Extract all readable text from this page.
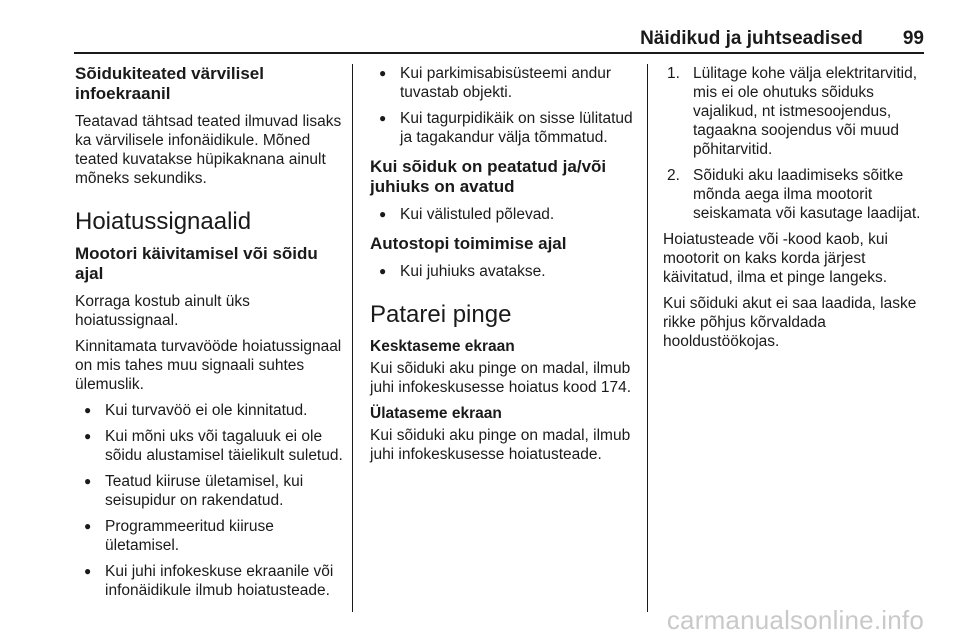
Näidikud ja juhtseadised 99
Sõidukiteated värvilisel infoekraanil

Teatavad tähtsad teated ilmuvad lisaks ka värvilisele infonäidikule. Mõned teated kuvatakse hüpikaknana ainult mõneks sekundiks.

Hoiatussignaalid
Mootori käivitamisel või sõidu ajal

Korraga kostub ainult üks hoiatussignaal.

Kinnitamata turvavööde hoiatussignaal on mis tahes muu signaali suhtes ülemuslik.

● Kui turvavöö ei ole kinnitatud.
● Kui mõni uks või tagaluuk ei ole sõidu alustamisel täielikult suletud.
● Teatud kiiruse ületamisel, kui seisupidur on rakendatud.
● Programmeeritud kiiruse ületamisel.
● Kui juhi infokeskuse ekraanile või infonäidikule ilmub hoiatusteade.
● Kui parkimisabisüsteemi andur tuvastab objekti.
● Kui tagurpidikäik on sisse lülitatud ja tagakandur välja tõmmatud.
Kui sõiduk on peatatud ja/või juhiuks on avatud
● Kui välistuled põlevad.
Autostopi toimimise ajal
● Kui juhiuks avatakse.
Patarei pinge
Kesktaseme ekraan

Kui sõiduki aku pinge on madal, ilmub juhi infokeskusesse hoiatus kood 174.

Ülataseme ekraan

Kui sõiduki aku pinge on madal, ilmub juhi infokeskusesse hoiatusteade.

1. Lülitage kohe välja elektritarvitid, mis ei ole ohutuks sõiduks vajalikud, nt istmesoojendus, tagaakna soojendus või muud põhitarvitid.
2. Sõiduki aku laadimiseks sõitke mõnda aega ilma mootorit seiskamata või kasutage laadijat.

Hoiatusteade või -kood kaob, kui mootorit on kaks korda järjest käivitatud, ilma et pinge langeks.

Kui sõiduki akut ei saa laadida, laske rikke põhjus kõrvaldada hooldustöökojas.

carmanualsonline.info
